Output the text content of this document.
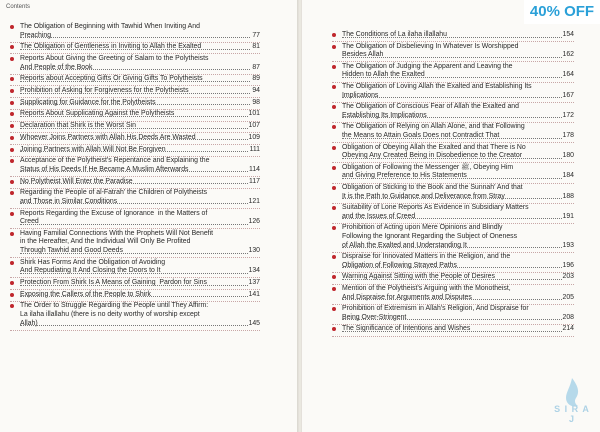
Contents
The Obligation of Beginning with Tawhid When Inviting And
Preaching	77
The Obligation of Gentleness in Inviting to Allah the Exalted	81
Reports About Giving the Greeting of Salam to the Polytheists
And People of the Book	87
Reports about Accepting Gifts Or Giving Gifts To Polytheists	89
Prohibition of Asking for Forgiveness for the Polytheists	94
Supplicating for Guidance for the Polytheists	98
Reports About Supplicating Against the Polytheists	101
Declaration that Shirk is the Worst Sin	107
Whoever Joins Partners with Allah His Deeds Are Wasted	109
Joining Partners with Allah Will Not Be Forgiven	111
Acceptance of the Polytheist's Repentance and Explaining the
Status of His Deeds If He Became A Muslim Afterwards	114
No Polytheist Will Enter the Paradise	117
Regarding the People of al-Fatrah' the Children of Polytheists
and Those in Similar Conditions	121
Reports Regarding the Excuse of Ignorance  in the Matters of
Creed	126
Having Familial Connections With the Prophets Will Not Benefit
in the Hereafter, And the Individual Will Only Be Profited
Through Tawhid and Good Deeds	130
Shirk Has Forms And the Obligation of Avoiding
And Repudiating It And Closing the Doors to It	134
Protection From Shirk Is A Means of Gaining  Pardon for Sins	137
Exposing the Callers of the People to Shirk	141
The Order to Struggle Regarding the People until They Affirm:
La ilaha illallahu (there is no deity worthy of worship except
Allah)	145
The Conditions of La ilaha illallahu	154
The Obligation of Disbelieving In Whatever Is Worshipped
Besides Allah	162
The Obligation of Judging the Apparent and Leaving the
Hidden to Allah the Exalted	164
The Obligation of Loving Allah the Exalted and Establishing Its
Implications	167
The Obligation of Conscious Fear of Allah the Exalted and
Establishing Its Implications	172
The Obligation of Relying on Allah Alone, and that Following
the Means to Attain Goals Does not Contradict That	178
Obligation of Obeying Allah the Exalted and that There is No
Obeying Any Created Being in Disobedience to the Creator	180
Obligation of Following the Messenger ﷺ, Obeying Him
and Giving Preference to His Statements	184
Obligation of Sticking to the Book and the Sunnah' And that
It is the Path to Guidance and Deliverance from Stray	188
Suitability of Lone Reports As Evidence in Subsidiary Matters
and the Issues of Creed	191
Prohibition of Acting upon Mere Opinions and Blindly
Following the Ignorant Regarding the Subject of Oneness
of Allah the Exalted and Understanding It	193
Dispraise for Innovated Matters in the Religion, and the
Obligation of Following Strayed Paths	196
Warning Against Sitting with the People of Desires	203
Mention of the Polytheist's Arguing with the Monotheist,
And Dispraise for Arguments and Disputes	205
Prohibition of Extremism in Allah's Religion, And Dispraise for
Being Over-Stringent	208
The Significance of Intentions and Wishes	214
S I R A J
40% OFF
